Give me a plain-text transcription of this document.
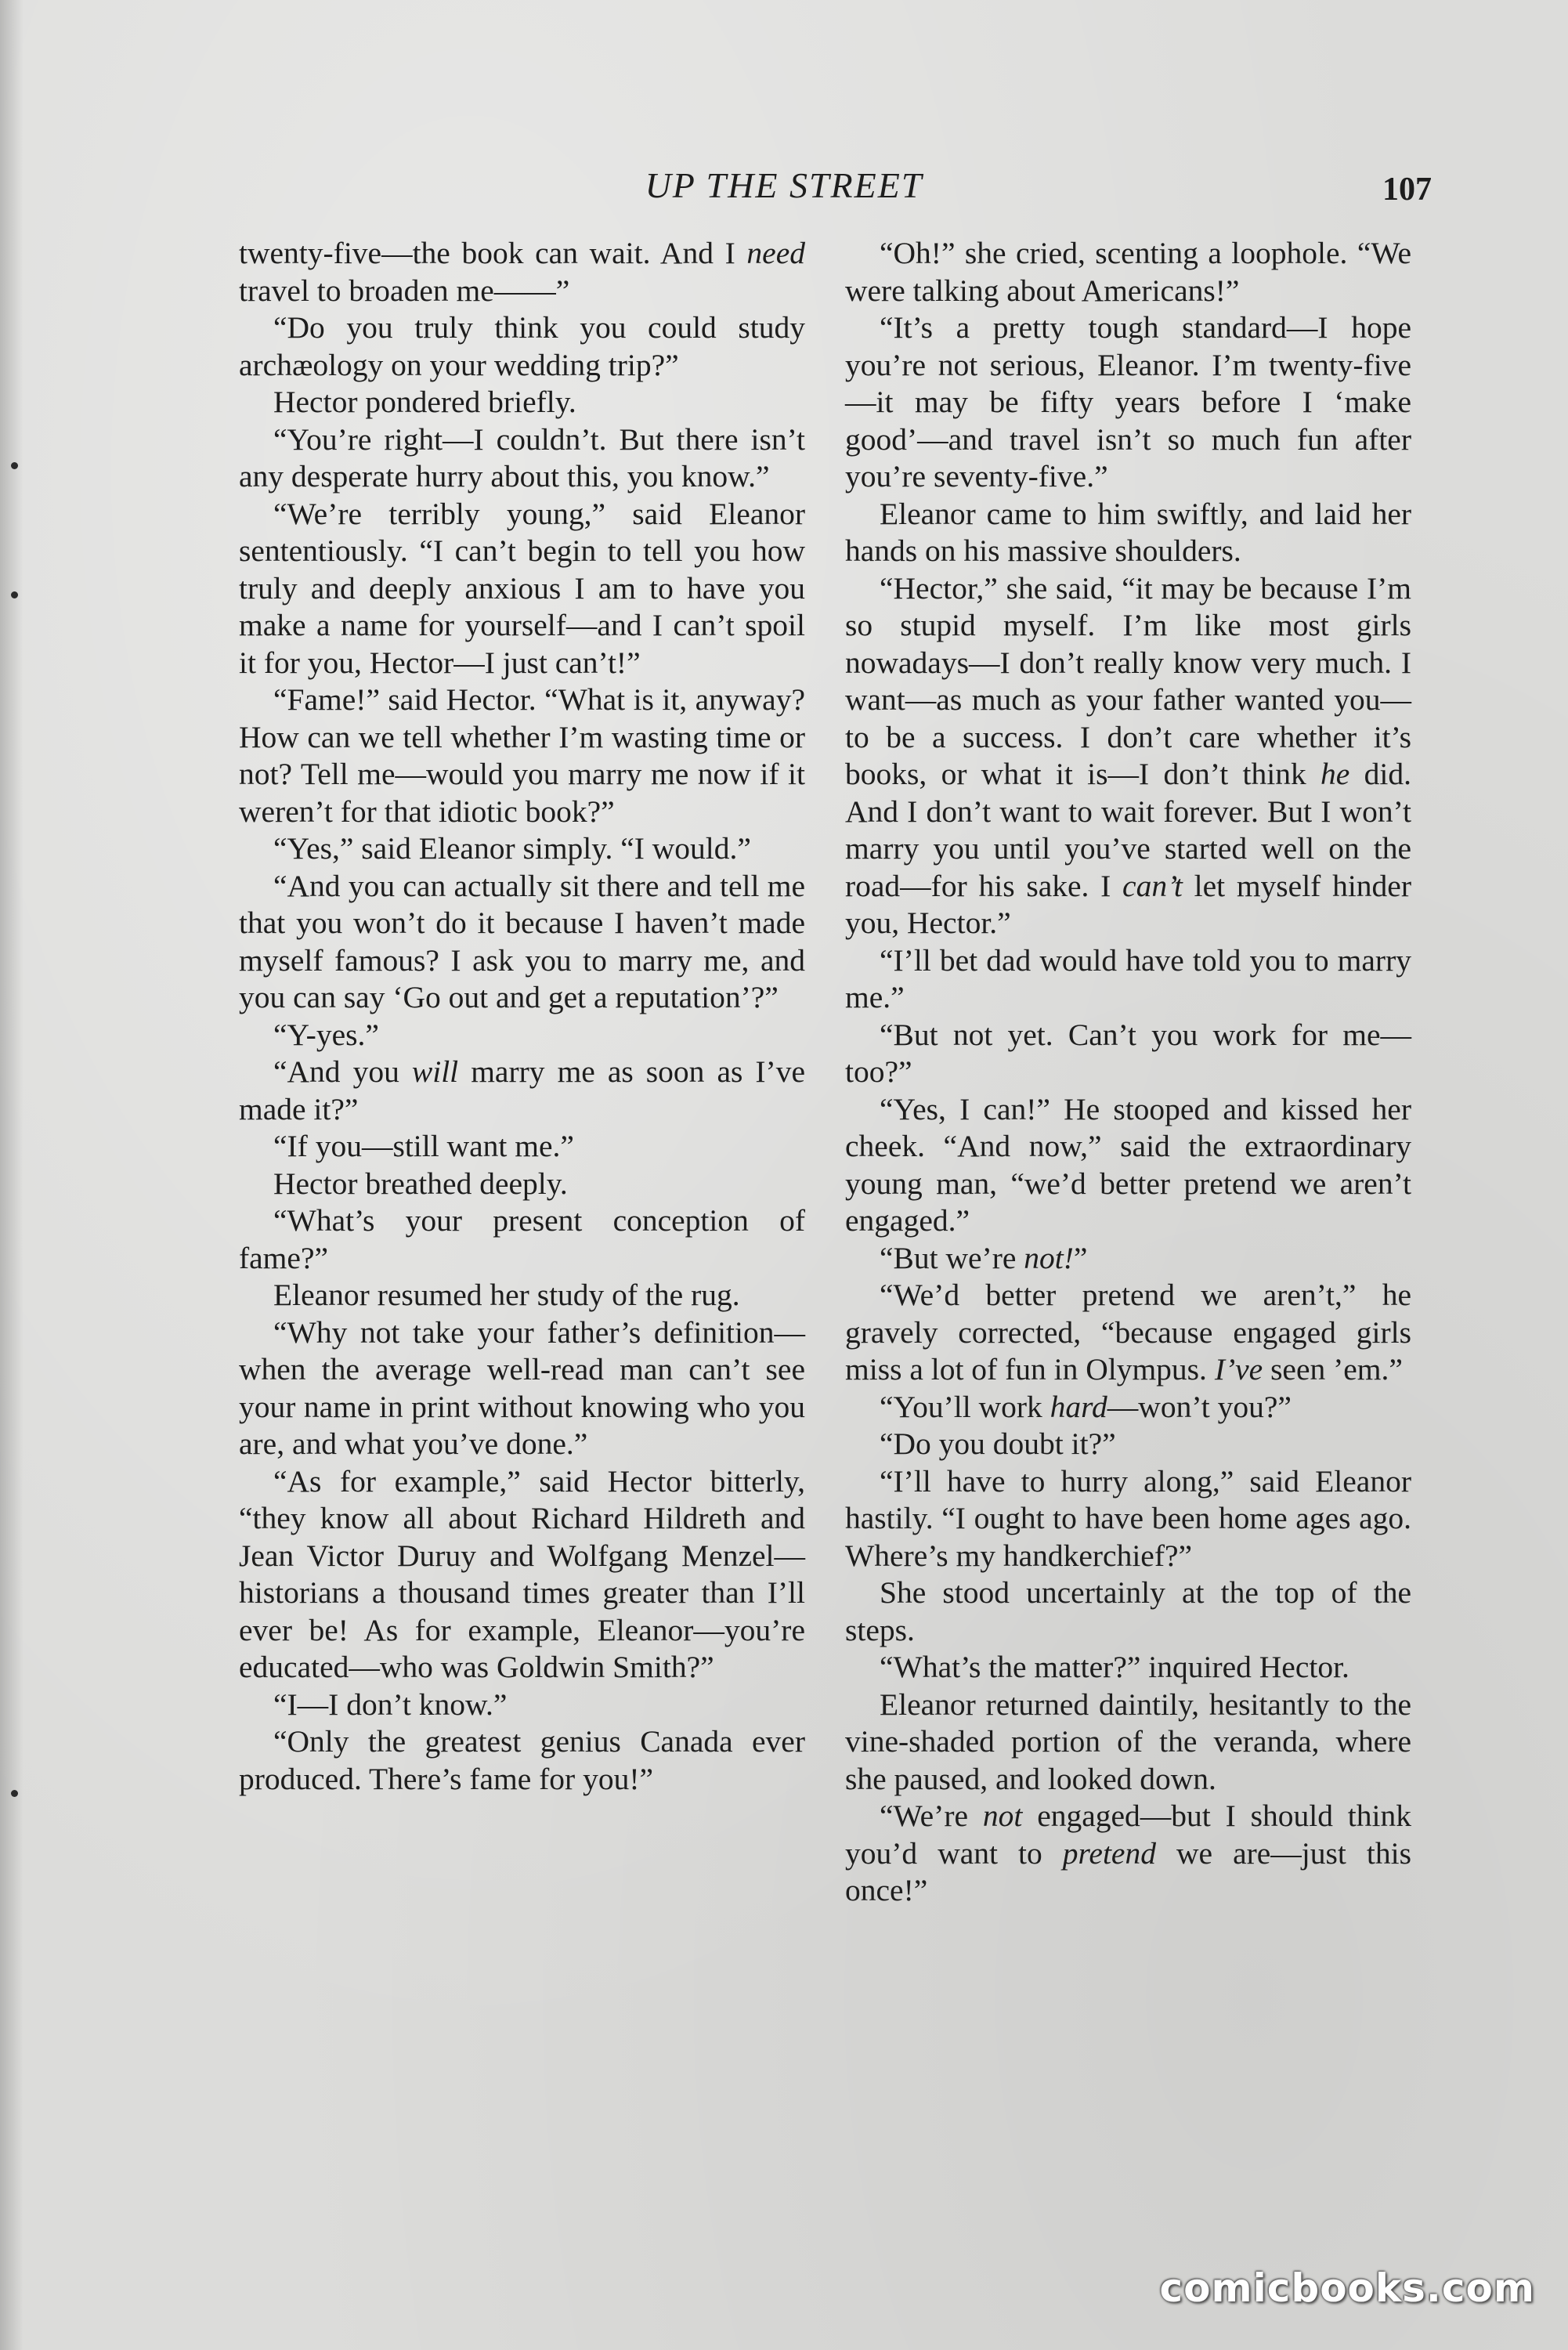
UP THE STREET	107

twenty-five—the book can wait. And I need travel to broaden me——”

“Do you truly think you could study archæology on your wedding trip?”

Hector pondered briefly.

“You’re right—I couldn’t. But there isn’t any desperate hurry about this, you know.”

“We’re terribly young,” said Eleanor sententiously. “I can’t begin to tell you how truly and deeply anxious I am to have you make a name for yourself—and I can’t spoil it for you, Hector—I just can’t!”

“Fame!” said Hector. “What is it, anyway? How can we tell whether I’m wasting time or not? Tell me—would you marry me now if it weren’t for that idiotic book?”

“Yes,” said Eleanor simply. “I would.”

“And you can actually sit there and tell me that you won’t do it because I haven’t made myself famous? I ask you to marry me, and you can say ‘Go out and get a reputation’?”

“Y-yes.”

“And you will marry me as soon as I’ve made it?”

“If you—still want me.”

Hector breathed deeply.

“What’s your present conception of fame?”

Eleanor resumed her study of the rug.

“Why not take your father’s definition—when the average well-read man can’t see your name in print without knowing who you are, and what you’ve done.”

“As for example,” said Hector bitterly, “they know all about Richard Hildreth and Jean Victor Duruy and Wolfgang Menzel—historians a thousand times greater than I’ll ever be! As for example, Eleanor—you’re educated—who was Goldwin Smith?”

“I—I don’t know.”

“Only the greatest genius Canada ever produced. There’s fame for you!”

“Oh!” she cried, scenting a loophole. “We were talking about Americans!”

“It’s a pretty tough standard—I hope you’re not serious, Eleanor. I’m twenty-five—it may be fifty years before I ‘make good’—and travel isn’t so much fun after you’re seventy-five.”

Eleanor came to him swiftly, and laid her hands on his massive shoulders.

“Hector,” she said, “it may be because I’m so stupid myself. I’m like most girls nowadays—I don’t really know very much. I want—as much as your father wanted you—to be a success. I don’t care whether it’s books, or what it is—I don’t think he did. And I don’t want to wait forever. But I won’t marry you until you’ve started well on the road—for his sake. I can’t let myself hinder you, Hector.”

“I’ll bet dad would have told you to marry me.”

“But not yet. Can’t you work for me—too?”

“Yes, I can!” He stooped and kissed her cheek. “And now,” said the extraordinary young man, “we’d better pretend we aren’t engaged.”

“But we’re not!”

“We’d better pretend we aren’t,” he gravely corrected, “because engaged girls miss a lot of fun in Olympus. I’ve seen ’em.”

“You’ll work hard—won’t you?”

“Do you doubt it?”

“I’ll have to hurry along,” said Eleanor hastily. “I ought to have been home ages ago. Where’s my handkerchief?”

She stood uncertainly at the top of the steps.

“What’s the matter?” inquired Hector.

Eleanor returned daintily, hesitantly to the vine-shaded portion of the veranda, where she paused, and looked down.

“We’re not engaged—but I should think you’d want to pretend we are—just this once!”

comicbooks.com
